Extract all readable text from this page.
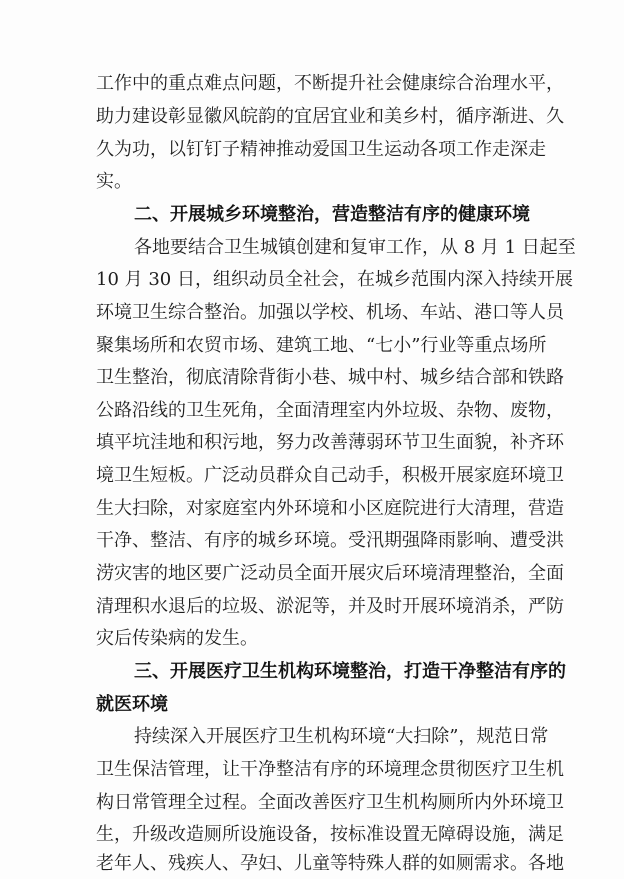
工作中的重点难点问题，不断提升社会健康综合治理水平，
助力建设彰显徽风皖韵的宜居宜业和美乡村，循序渐进、久
久为功，以钉钉子精神推动爱国卫生运动各项工作走深走
实。
二、开展城乡环境整治，营造整洁有序的健康环境
各地要结合卫生城镇创建和复审工作，从 8 月 1 日起至
10 月 30 日，组织动员全社会，在城乡范围内深入持续开展
环境卫生综合整治。加强以学校、机场、车站、港口等人员
聚集场所和农贸市场、建筑工地、“七小”行业等重点场所
卫生整治，彻底清除背街小巷、城中村、城乡结合部和铁路
公路沿线的卫生死角，全面清理室内外垃圾、杂物、废物，
填平坑洼地和积污地，努力改善薄弱环节卫生面貌，补齐环
境卫生短板。广泛动员群众自己动手，积极开展家庭环境卫
生大扫除，对家庭室内外环境和小区庭院进行大清理，营造
干净、整洁、有序的城乡环境。受汛期强降雨影响、遭受洪
涝灾害的地区要广泛动员全面开展灾后环境清理整治，全面
清理积水退后的垃圾、淤泥等，并及时开展环境消杀，严防
灾后传染病的发生。
三、开展医疗卫生机构环境整治，打造干净整洁有序的
就医环境
持续深入开展医疗卫生机构环境“大扫除”，规范日常
卫生保洁管理，让干净整洁有序的环境理念贯彻医疗卫生机
构日常管理全过程。全面改善医疗卫生机构厕所内外环境卫
生，升级改造厕所设施设备，按标准设置无障碍设施，满足
老年人、残疾人、孕妇、儿童等特殊人群的如厕需求。各地
